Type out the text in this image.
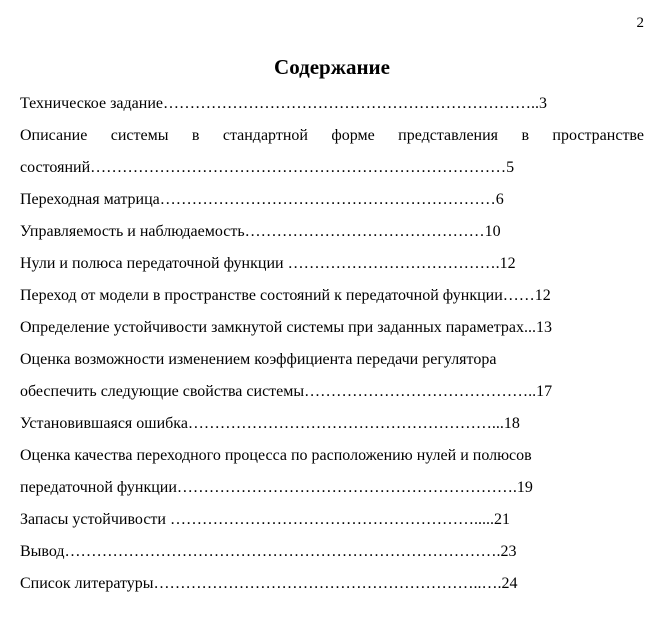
2
Содержание
Техническое задание……………………………………………………………..3
Описание системы в стандартной форме представления в пространстве
состояний……………………………………………………………………5
Переходная матрица………………………………………………………6
Управляемость и наблюдаемость………………………………………10
Нули и полюса передаточной функции ………………………………….12
Переход от модели в пространстве состояний к передаточной функции……12
Определение устойчивости замкнутой системы при заданных параметрах...13
Оценка возможности изменением коэффициента передачи регулятора
обеспечить следующие свойства системы……………………………………..17
Установившаяся ошибка…………………………………………………...18
Оценка качества переходного процесса по расположению нулей и полюсов
передаточной функции……………………………………………………….19
Запасы устойчивости ………………………………………………….....21
Вывод……………………………………………………………………….23
Список литературы……………………………………………………..….24
